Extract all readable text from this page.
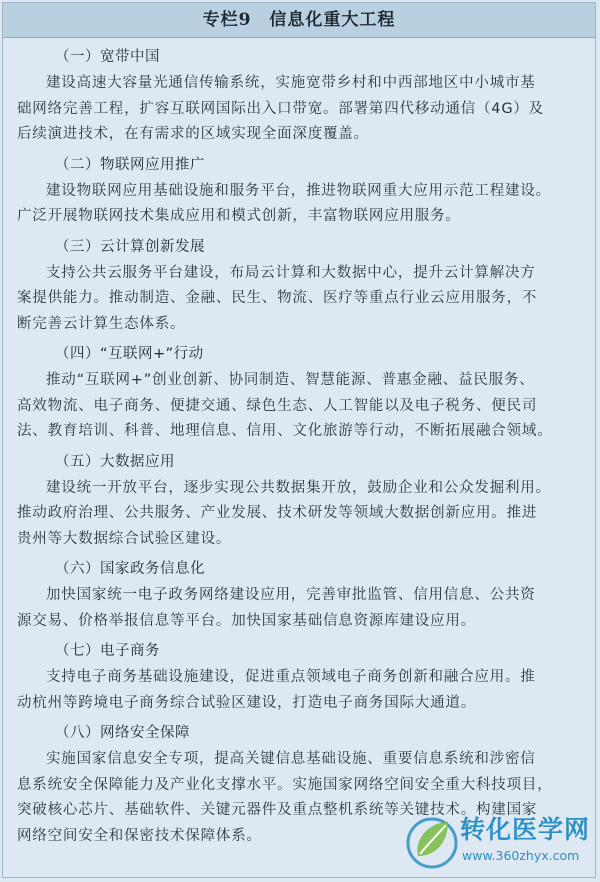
专栏9　信息化重大工程
（一）宽带中国
建设高速大容量光通信传输系统，实施宽带乡村和中西部地区中小城市基
础网络完善工程，扩容互联网国际出入口带宽。部署第四代移动通信（4G）及
后续演进技术，在有需求的区域实现全面深度覆盖。
（二）物联网应用推广
建设物联网应用基础设施和服务平台，推进物联网重大应用示范工程建设。
广泛开展物联网技术集成应用和模式创新，丰富物联网应用服务。
（三）云计算创新发展
支持公共云服务平台建设，布局云计算和大数据中心，提升云计算解决方
案提供能力。推动制造、金融、民生、物流、医疗等重点行业云应用服务，不
断完善云计算生态体系。
（四）“互联网+”行动
推动“互联网+”创业创新、协同制造、智慧能源、普惠金融、益民服务、
高效物流、电子商务、便捷交通、绿色生态、人工智能以及电子税务、便民司
法、教育培训、科普、地理信息、信用、文化旅游等行动，不断拓展融合领域。
（五）大数据应用
建设统一开放平台，逐步实现公共数据集开放，鼓励企业和公众发掘利用。
推动政府治理、公共服务、产业发展、技术研发等领域大数据创新应用。推进
贵州等大数据综合试验区建设。
（六）国家政务信息化
加快国家统一电子政务网络建设应用，完善审批监管、信用信息、公共资
源交易、价格举报信息等平台。加快国家基础信息资源库建设应用。
（七）电子商务
支持电子商务基础设施建设，促进重点领域电子商务创新和融合应用。推
动杭州等跨境电子商务综合试验区建设，打造电子商务国际大通道。
（八）网络安全保障
实施国家信息安全专项，提高关键信息基础设施、重要信息系统和涉密信
息系统安全保障能力及产业化支撑水平。实施国家网络空间安全重大科技项目，
突破核心芯片、基础软件、关键元器件及重点整机系统等关键技术。构建国家
网络空间安全和保密技术保障体系。	转化医学网
www.360zhyx.com
